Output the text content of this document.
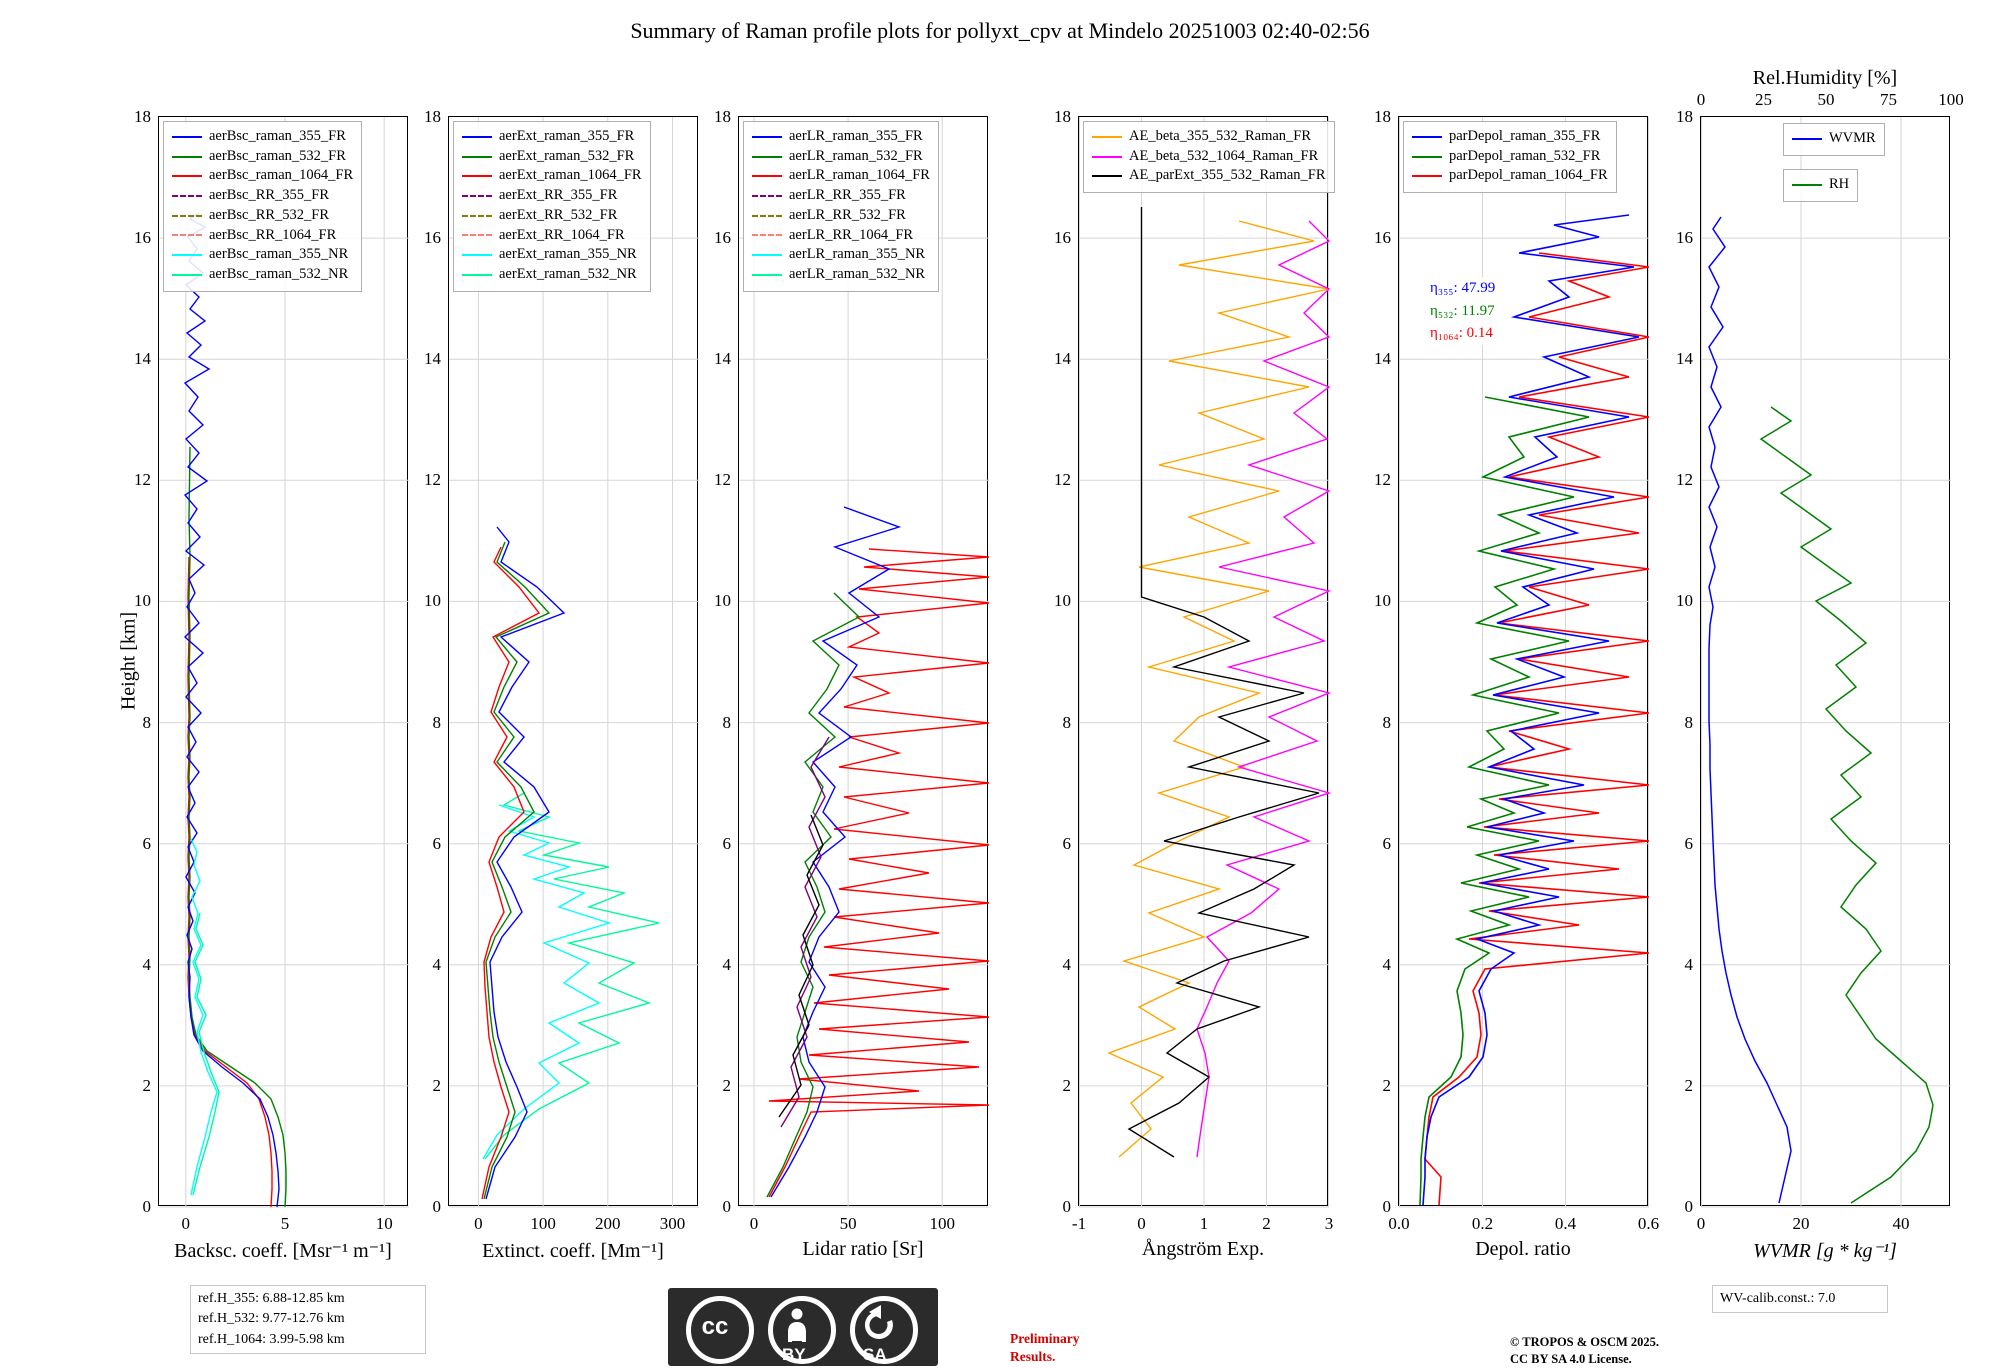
Summary of Raman profile plots for pollyxt_cpv at Mindelo 20251003 02:40-02:56
Height [km]
aerBsc_raman_355_FR
aerBsc_raman_532_FR
aerBsc_raman_1064_FR
aerBsc_RR_355_FR
aerBsc_RR_532_FR
aerBsc_RR_1064_FR
aerBsc_raman_355_NR
aerBsc_raman_532_NR
0
2
4
6
8
10
12
14
16
18
0	5	10
Backsc. coeff. [Msr⁻¹ m⁻¹]
aerExt_raman_355_FR
aerExt_raman_532_FR
aerExt_raman_1064_FR
aerExt_RR_355_FR
aerExt_RR_532_FR
aerExt_RR_1064_FR
aerExt_raman_355_NR
aerExt_raman_532_NR
0
2
4
6
8
10
12
14
16
18
0	100 200 300
Extinct. coeff. [Mm⁻¹]
aerLR_raman_355_FR
aerLR_raman_532_FR
aerLR_raman_1064_FR
aerLR_RR_355_FR
aerLR_RR_532_FR
aerLR_RR_1064_FR
aerLR_raman_355_NR
aerLR_raman_532_NR
0
2
4
6
8
10
12
14
16
18
0	50	100
Lidar ratio [Sr]
AE_beta_355_532_Raman_FR
AE_beta_532_1064_Raman_FR
AE_parExt_355_532_Raman_FR
0
2
4
6
8
10
12
14
16
18
-1	0	1	2	3
Ångström Exp.
parDepol_raman_355_FR
parDepol_raman_532_FR
parDepol_raman_1064_FR
η₃₅₅: 47.99
η₅₃₂: 11.97
η₁₀₆₄: 0.14
0
2
4
6
8
10
12
14
16
18
0.0	0.2	0.4	0.6
Depol. ratio
Rel.Humidity [%]
WVMR
RH
0
2
4
6
8
10
12
14
16
18
0	20	40
0	25	50	75 100
WVMR [g * kg⁻¹]
ref.H_355: 6.88-12.85 km
ref.H_532: 9.77-12.76 km
ref.H_1064: 3.99-5.98 km
WV-calib.const.: 7.0
Preliminary
Results.
© TROPOS & OSCM 2025.
CC BY SA 4.0 License.
cc
BY	SA
